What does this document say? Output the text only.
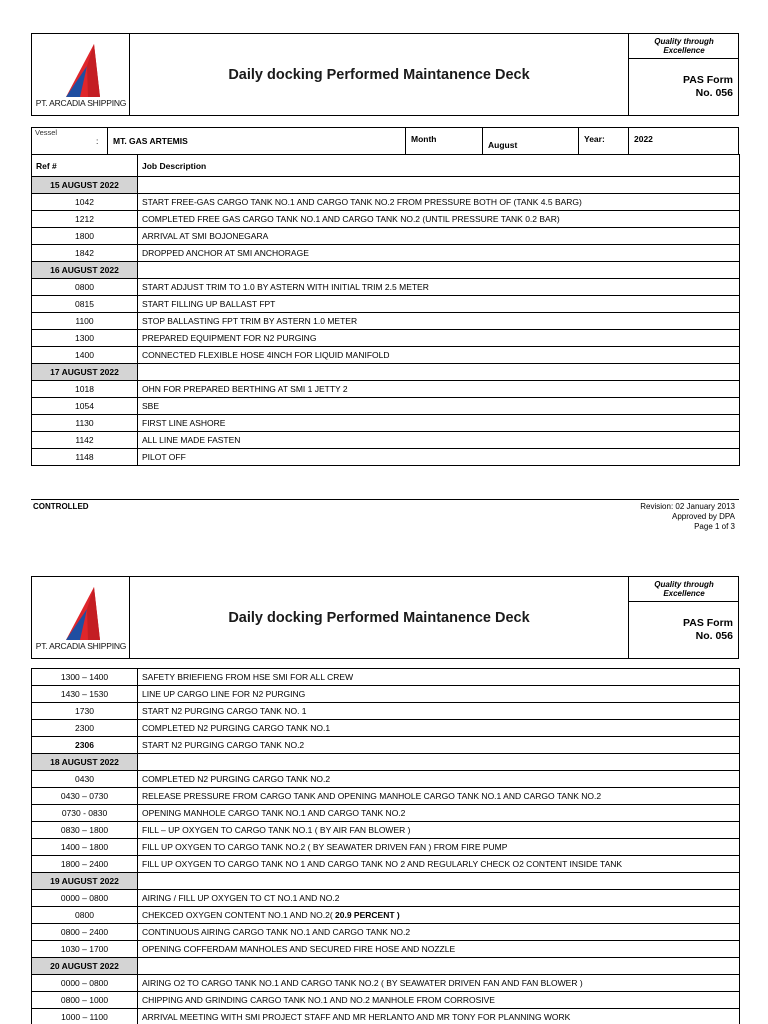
PT. ARCADIA SHIPPING
Daily docking Performed Maintanence Deck
Quality through
Excellence
PAS Form
No. 056
Vessel
: MT. GAS ARTEMIS	Month
August
Year:	2022
Ref #	Job Description
15 AUGUST 2022	
1042	START FREE-GAS CARGO TANK NO.1 AND CARGO TANK NO.2 FROM PRESSURE BOTH OF (TANK 4.5 BARG)
1212	COMPLETED FREE GAS CARGO TANK NO.1 AND CARGO TANK NO.2 (UNTIL PRESSURE TANK 0.2 BAR)
1800	ARRIVAL AT SMI BOJONEGARA
1842	DROPPED ANCHOR AT SMI ANCHORAGE
16 AUGUST 2022	
0800	START ADJUST TRIM TO 1.0 BY ASTERN WITH INITIAL TRIM 2.5 METER
0815	START FILLING UP BALLAST FPT
1100	STOP BALLASTING FPT TRIM BY ASTERN 1.0 METER
1300	PREPARED EQUIPMENT FOR N2 PURGING
1400	CONNECTED FLEXIBLE HOSE 4INCH FOR LIQUID MANIFOLD
17 AUGUST 2022	
1018	OHN FOR PREPARED BERTHING AT SMI 1 JETTY 2
1054	SBE
1130	FIRST LINE ASHORE
1142	ALL LINE MADE FASTEN
1148	PILOT OFF
CONTROLLED	Revision: 02 January 2013
Approved by DPA
Page 1 of 3
PT. ARCADIA SHIPPING
Daily docking Performed Maintanence Deck
Quality through
Excellence
PAS Form
No. 056
1300 – 1400	SAFETY BRIEFIENG FROM HSE SMI FOR ALL CREW
1430 – 1530	LINE UP CARGO LINE FOR N2 PURGING
1730	START N2 PURGING CARGO TANK NO. 1
2300	COMPLETED N2 PURGING CARGO TANK NO.1
2306	START N2 PURGING CARGO TANK NO.2
18 AUGUST 2022	
0430	COMPLETED N2 PURGING CARGO TANK NO.2
0430 – 0730	RELEASE PRESSURE FROM CARGO TANK AND OPENING MANHOLE CARGO TANK NO.1 AND CARGO TANK NO.2
0730 - 0830	OPENING MANHOLE CARGO TANK NO.1 AND CARGO TANK NO.2
0830 – 1800	FILL – UP OXYGEN TO CARGO TANK NO.1 ( BY AIR FAN BLOWER )
1400 – 1800	FILL UP OXYGEN TO CARGO TANK NO.2 ( BY SEAWATER DRIVEN FAN ) FROM FIRE PUMP
1800 – 2400	FILL UP OXYGEN TO CARGO TANK NO 1 AND CARGO TANK NO 2 AND REGULARLY CHECK O2 CONTENT INSIDE TANK
19 AUGUST 2022	
0000 – 0800	AIRING / FILL UP OXYGEN TO CT NO.1 AND NO.2
0800	CHEKCED OXYGEN CONTENT NO.1 AND NO.2( 20.9 PERCENT )
0800 – 2400	CONTINUOUS AIRING CARGO TANK NO.1 AND CARGO TANK NO.2
1030 – 1700	OPENING COFFERDAM MANHOLES AND SECURED FIRE HOSE AND NOZZLE
20 AUGUST 2022	
0000 – 0800	AIRING O2 TO CARGO TANK NO.1 AND CARGO TANK NO.2 ( BY SEAWATER DRIVEN FAN AND FAN BLOWER )
0800 – 1000	CHIPPING AND GRINDING CARGO TANK NO.1 AND NO.2 MANHOLE FROM CORROSIVE
1000 – 1100	ARRIVAL MEETING WITH SMI PROJECT STAFF AND MR HERLANTO AND MR TONY FOR PLANNING WORK
